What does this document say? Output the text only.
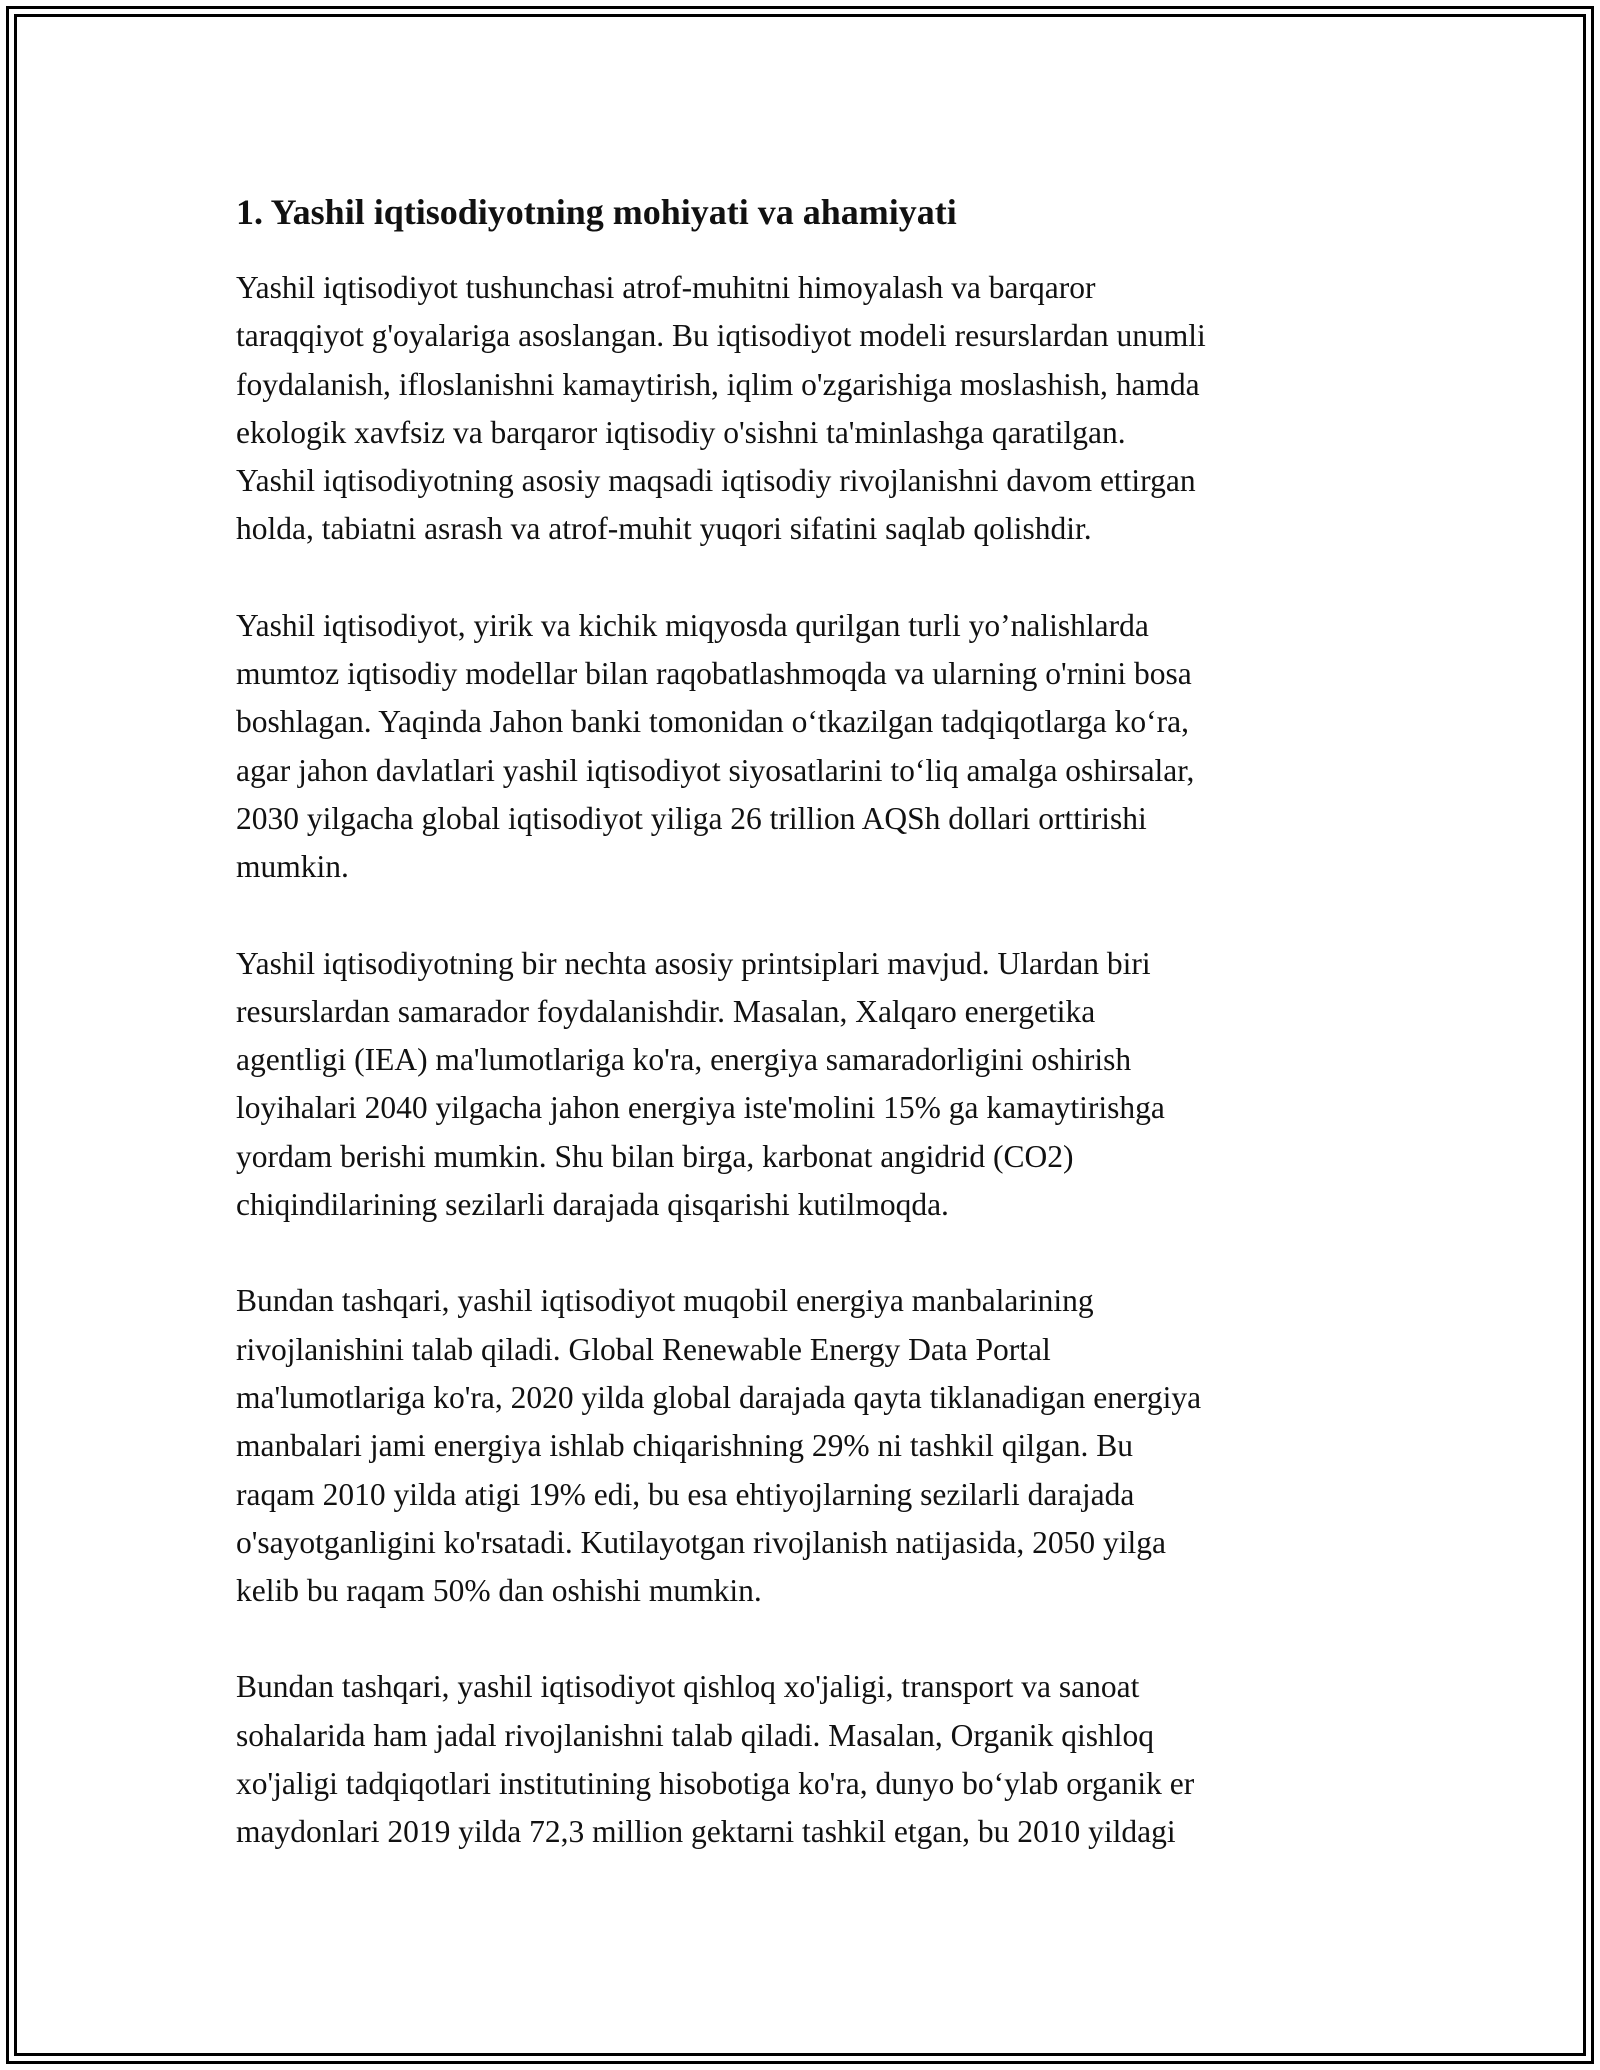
1. Yashil iqtisodiyotning mohiyati va ahamiyati

Yashil iqtisodiyot tushunchasi atrof-muhitni himoyalash va barqaror
taraqqiyot g'oyalariga asoslangan. Bu iqtisodiyot modeli resurslardan unumli
foydalanish, ifloslanishni kamaytirish, iqlim o'zgarishiga moslashish, hamda
ekologik xavfsiz va barqaror iqtisodiy o'sishni ta'minlashga qaratilgan.
Yashil iqtisodiyotning asosiy maqsadi iqtisodiy rivojlanishni davom ettirgan
holda, tabiatni asrash va atrof-muhit yuqori sifatini saqlab qolishdir.

Yashil iqtisodiyot, yirik va kichik miqyosda qurilgan turli yo’nalishlarda
mumtoz iqtisodiy modellar bilan raqobatlashmoqda va ularning o'rnini bosa
boshlagan. Yaqinda Jahon banki tomonidan o‘tkazilgan tadqiqotlarga ko‘ra,
agar jahon davlatlari yashil iqtisodiyot siyosatlarini to‘liq amalga oshirsalar,
2030 yilgacha global iqtisodiyot yiliga 26 trillion AQSh dollari orttirishi
mumkin.

Yashil iqtisodiyotning bir nechta asosiy printsiplari mavjud. Ulardan biri
resurslardan samarador foydalanishdir. Masalan, Xalqaro energetika
agentligi (IEA) ma'lumotlariga ko'ra, energiya samaradorligini oshirish
loyihalari 2040 yilgacha jahon energiya iste'molini 15% ga kamaytirishga
yordam berishi mumkin. Shu bilan birga, karbonat angidrid (CO2)
chiqindilarining sezilarli darajada qisqarishi kutilmoqda.

Bundan tashqari, yashil iqtisodiyot muqobil energiya manbalarining
rivojlanishini talab qiladi. Global Renewable Energy Data Portal
ma'lumotlariga ko'ra, 2020 yilda global darajada qayta tiklanadigan energiya
manbalari jami energiya ishlab chiqarishning 29% ni tashkil qilgan. Bu
raqam 2010 yilda atigi 19% edi, bu esa ehtiyojlarning sezilarli darajada
o'sayotganligini ko'rsatadi. Kutilayotgan rivojlanish natijasida, 2050 yilga
kelib bu raqam 50% dan oshishi mumkin.

Bundan tashqari, yashil iqtisodiyot qishloq xo'jaligi, transport va sanoat
sohalarida ham jadal rivojlanishni talab qiladi. Masalan, Organik qishloq
xo'jaligi tadqiqotlari institutining hisobotiga ko'ra, dunyo bo‘ylab organik er
maydonlari 2019 yilda 72,3 million gektarni tashkil etgan, bu 2010 yildagi
